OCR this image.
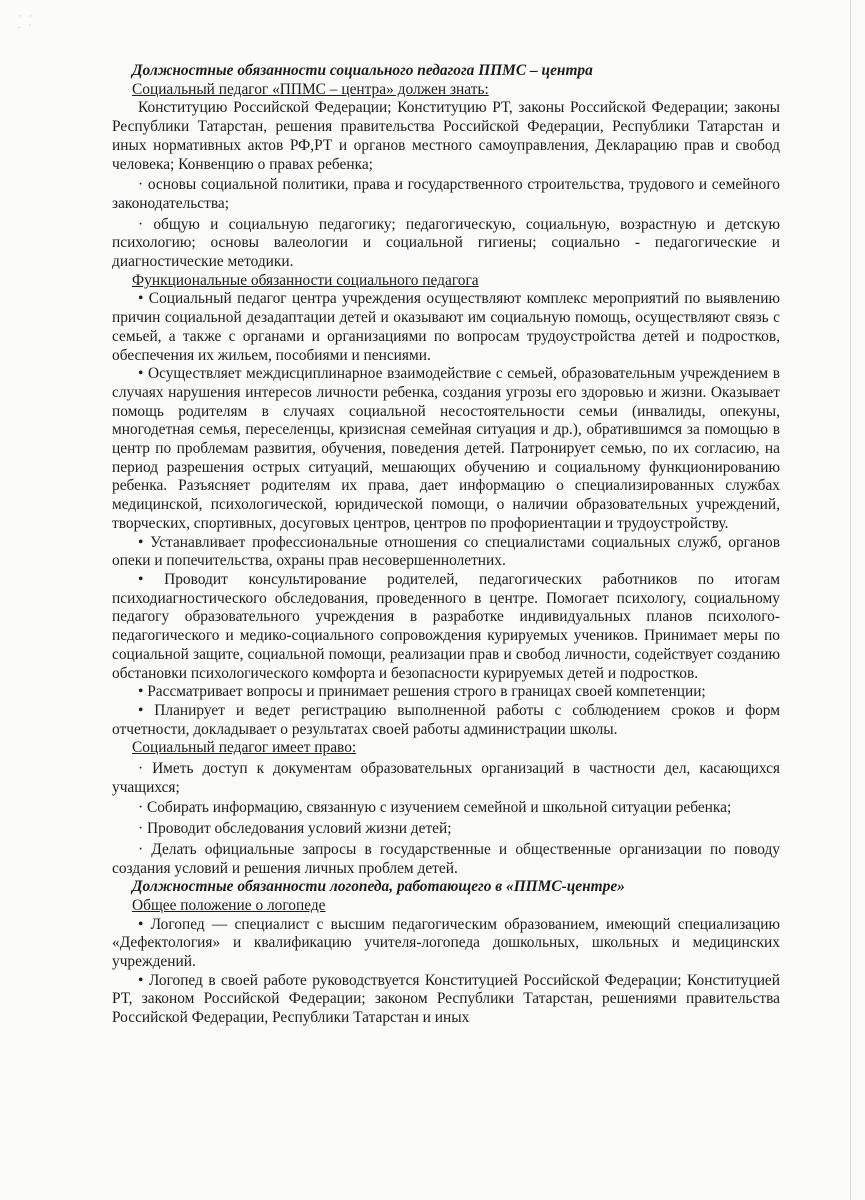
· ·
. ·

Должностные обязанности социального педагога ППМС – центра

Социальный педагог «ППМС – центра» должен знать:

Конституцию Российской Федерации; Конституцию РТ, законы Российской Федерации; законы Республики Татарстан, решения правительства Российской Федерации, Республики Татарстан и иных нормативных актов РФ,РТ и органов местного самоуправления, Декларацию прав и свобод человека; Конвенцию о правах ребенка;

· основы социальной политики, права и государственного строительства, трудового и семейного законодательства;

· общую и социальную педагогику; педагогическую, социальную, возрастную и детскую психологию; основы валеологии и социальной гигиены; социально - педагогические и диагностические методики.

Функциональные обязанности социального педагога

• Социальный педагог центра учреждения осуществляют комплекс мероприятий по выявлению причин социальной дезадаптации детей и оказывают им социальную помощь, осуществляют связь с семьей, а также с органами и организациями по вопросам трудоустройства детей и подростков, обеспечения их жильем, пособиями и пенсиями.

• Осуществляет междисциплинарное взаимодействие с семьей, образовательным учреждением в случаях нарушения интересов личности ребенка, создания угрозы его здоровью и жизни. Оказывает помощь родителям в случаях социальной несостоятельности семьи (инвалиды, опекуны, многодетная семья, переселенцы, кризисная семейная ситуация и др.), обратившимся за помощью в центр по проблемам развития, обучения, поведения детей. Патронирует семью, по их согласию, на период разрешения острых ситуаций, мешающих обучению и социальному функционированию ребенка. Разъясняет родителям их права, дает информацию о специализированных службах медицинской, психологической, юридической помощи, о наличии образовательных учреждений, творческих, спортивных, досуговых центров, центров по профориентации и трудоустройству.

• Устанавливает профессиональные отношения со специалистами социальных служб, органов опеки и попечительства, охраны прав несовершеннолетних.

• Проводит консультирование родителей, педагогических работников по итогам психодиагностического обследования, проведенного в центре. Помогает психологу, социальному педагогу образовательного учреждения в разработке индивидуальных планов психолого-педагогического и медико-социального сопровождения курируемых учеников. Принимает меры по социальной защите, социальной помощи, реализации прав и свобод личности, содействует созданию обстановки психологического комфорта и безопасности курируемых детей и подростков.

• Рассматривает вопросы и принимает решения строго в границах своей компетенции;

• Планирует и ведет регистрацию выполненной работы с соблюдением сроков и форм отчетности, докладывает о результатах своей работы администрации школы.

Социальный педагог имеет право:

· Иметь доступ к документам образовательных организаций в частности дел, касающихся учащихся;

· Собирать информацию, связанную с изучением семейной и школьной ситуации ребенка;

· Проводит обследования условий жизни детей;

· Делать официальные запросы в государственные и общественные организации по поводу создания условий и решения личных проблем детей.

Должностные обязанности логопеда, работающего в «ППМС-центре»

Общее положение о логопеде

• Логопед — специалист с высшим педагогическим образованием, имеющий специализацию «Дефектология» и квалификацию учителя-логопеда дошкольных, школьных и медицинских учреждений.

• Логопед в своей работе руководствуется Конституцией Российской Федерации; Конституцией РТ, законом Российской Федерации; законом Республики Татарстан, решениями правительства Российской Федерации, Республики Татарстан и иных
